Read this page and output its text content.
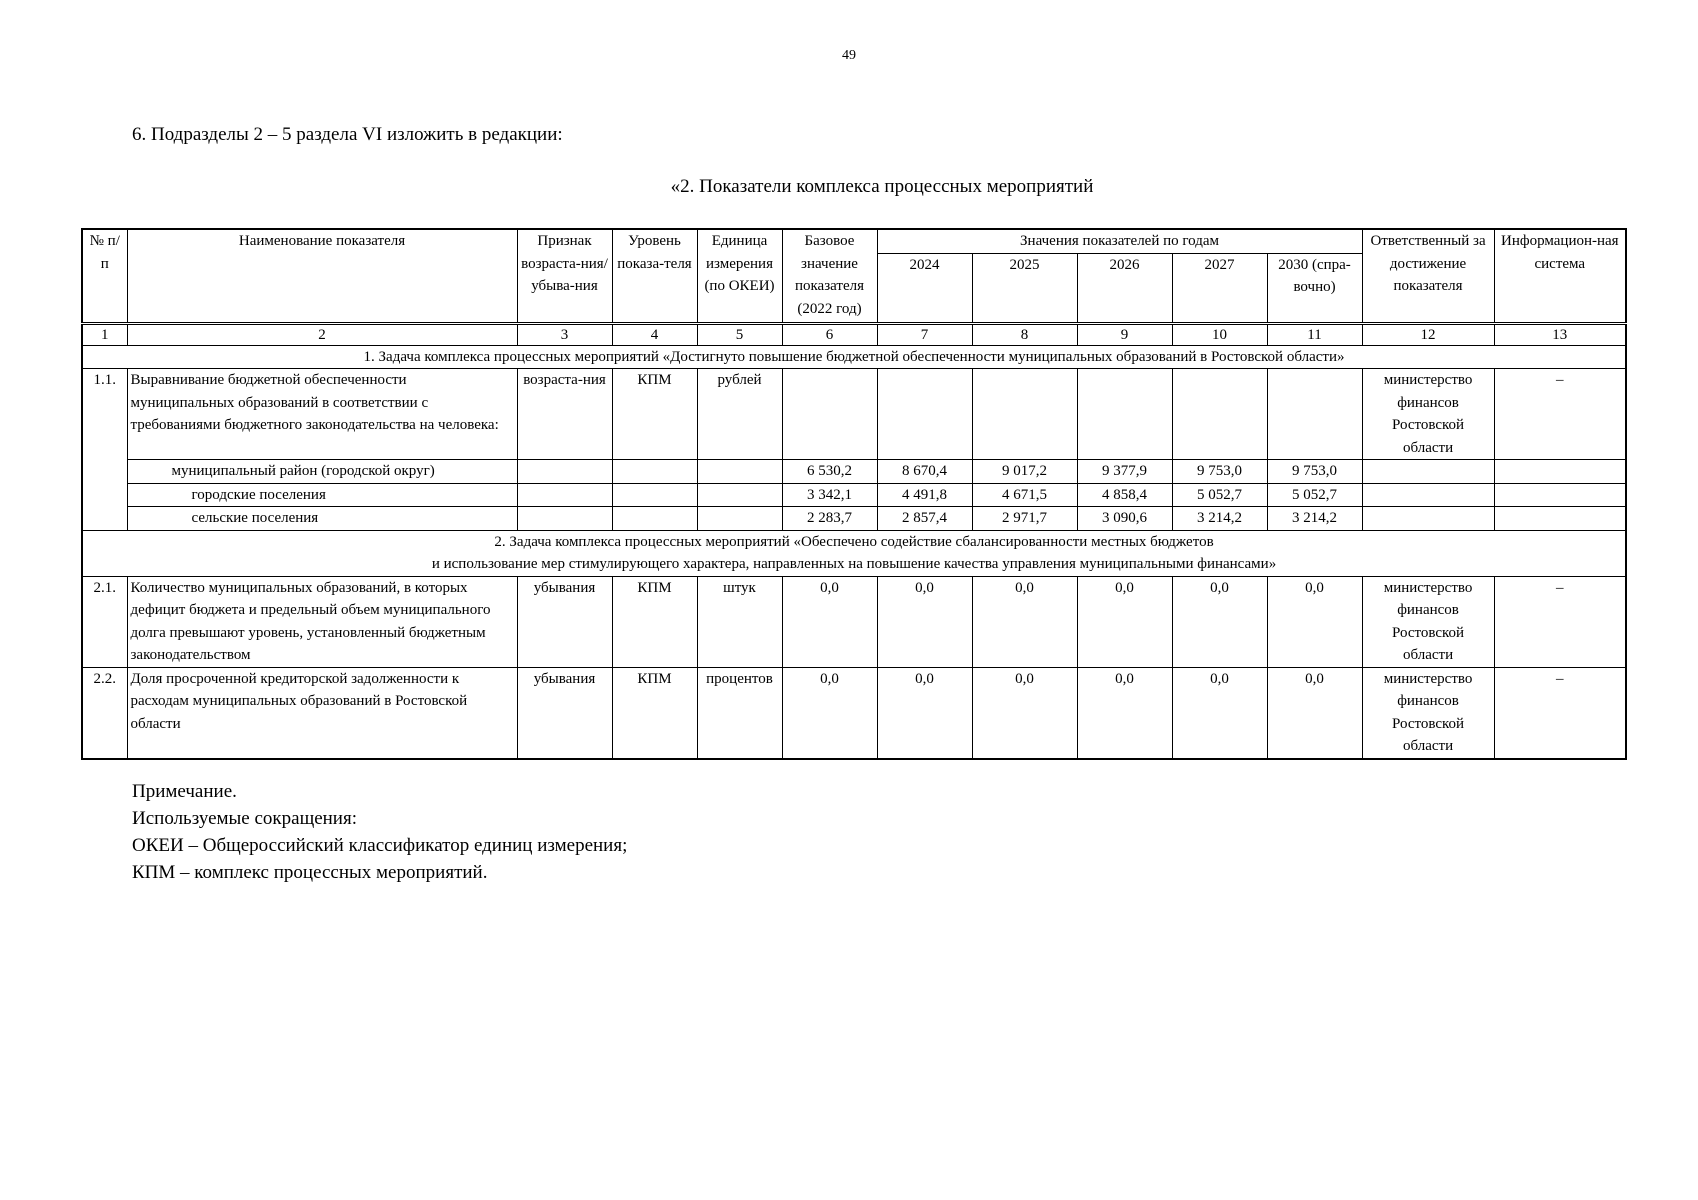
49
6. Подразделы 2 – 5 раздела VI изложить в редакции:
«2. Показатели комплекса процессных мероприятий
№ п/п	Наименование показателя	Признак возраста-ния/убыва-ния	Уровень показа-теля	Единица измерения (по ОКЕИ)	Базовое значение показателя (2022 год)	Значения показателей по годам					Ответственный за достижение показателя	Информацион-ная система
						2024	2025	2026	2027	2030 (спра-вочно)		
1	2	3	4	5	6	7	8	9	10	11	12	13
1. Задача комплекса процессных мероприятий «Достигнуто повышение бюджетной обеспеченности муниципальных образований в Ростовской области»												
1.1.	Выравнивание бюджетной обеспеченности муниципальных образований в соответствии с требованиями бюджетного законодательства на человека:	возраста-ния	КПМ	рублей							министерство финансов Ростовской области	–
	муниципальный район (городской округ)				6 530,2	8 670,4	9 017,2	9 377,9	9 753,0	9 753,0		
	городские поселения				3 342,1	4 491,8	4 671,5	4 858,4	5 052,7	5 052,7		
	сельские поселения				2 283,7	2 857,4	2 971,7	3 090,6	3 214,2	3 214,2		
2. Задача комплекса процессных мероприятий «Обеспечено содействие сбалансированности местных бюджетов
и использование мер стимулирующего характера, направленных на повышение качества управления муниципальными финансами»												
2.1.	Количество муниципальных образований, в которых дефицит бюджета и предельный объем муниципального долга превышают уровень, установленный бюджетным законодательством	убывания	КПМ	штук	0,0	0,0	0,0	0,0	0,0	0,0	министерство финансов Ростовской области	–
2.2.	Доля просроченной кредиторской задолженности к расходам муниципальных образований в Ростовской области	убывания	КПМ	процентов	0,0	0,0	0,0	0,0	0,0	0,0	министерство финансов Ростовской области	–
Примечание.
Используемые сокращения:
ОКЕИ – Общероссийский классификатор единиц измерения;
КПМ – комплекс процессных мероприятий.
